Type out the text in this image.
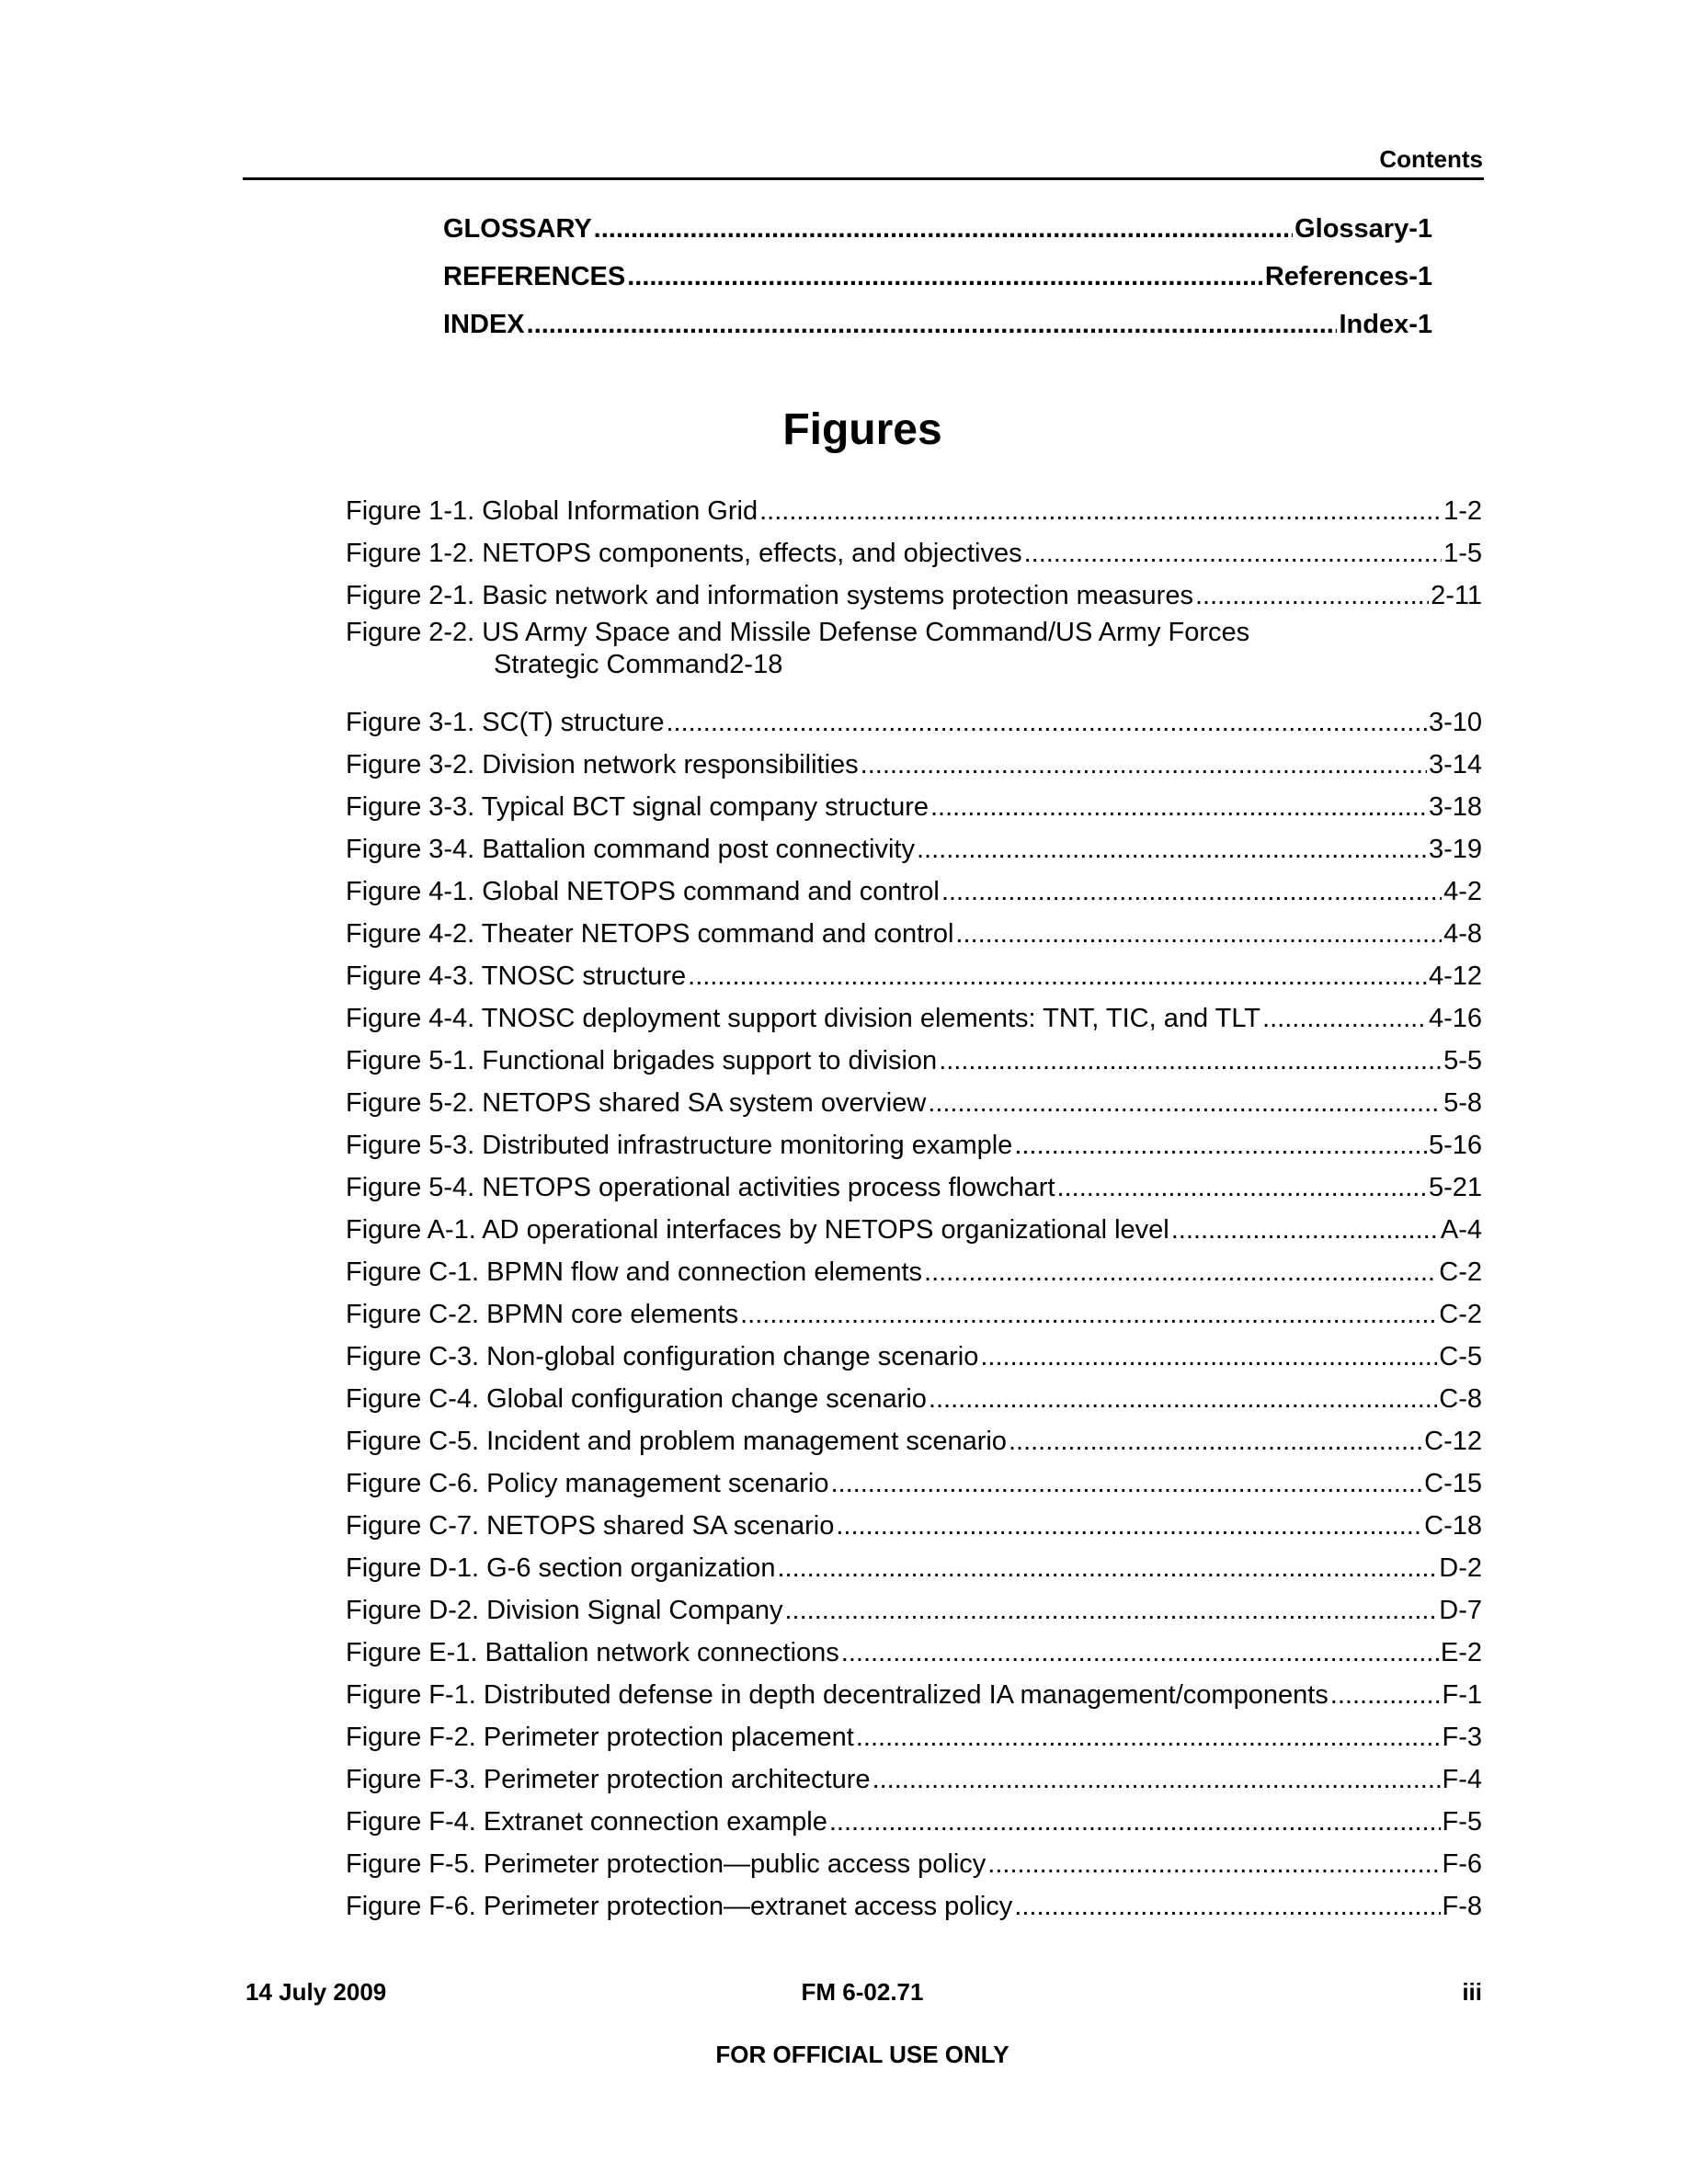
Contents
GLOSSARY .....	Glossary-1
REFERENCES .....	References-1
INDEX .....	Index-1
Figures
Figure 1-1. Global Information Grid .....	1-2
Figure 1-2. NETOPS components, effects, and objectives .....	1-5
Figure 2-1. Basic network and information systems protection measures .....	2-11
Figure 2-2. US Army Space and Missile Defense Command/US Army Forces
Strategic Command 2-18
Figure 3-1. SC(T) structure .....	3-10
Figure 3-2. Division network responsibilities .....	3-14
Figure 3-3. Typical BCT signal company structure .....	3-18
Figure 3-4. Battalion command post connectivity .....	3-19
Figure 4-1. Global NETOPS command and control .....	4-2
Figure 4-2. Theater NETOPS command and control .....	4-8
Figure 4-3. TNOSC structure .....	4-12
Figure 4-4. TNOSC deployment support division elements: TNT, TIC, and TLT .....	4-16
Figure 5-1. Functional brigades support to division .....	5-5
Figure 5-2. NETOPS shared SA system overview .....	5-8
Figure 5-3. Distributed infrastructure monitoring example .....	5-16
Figure 5-4. NETOPS operational activities process flowchart .....	5-21
Figure A-1. AD operational interfaces by NETOPS organizational level .....	A-4
Figure C-1. BPMN flow and connection elements .....	C-2
Figure C-2. BPMN core elements .....	C-2
Figure C-3. Non-global configuration change scenario .....	C-5
Figure C-4. Global configuration change scenario .....	C-8
Figure C-5. Incident and problem management scenario .....	C-12
Figure C-6. Policy management scenario .....	C-15
Figure C-7. NETOPS shared SA scenario .....	C-18
Figure D-1. G-6 section organization .....	D-2
Figure D-2. Division Signal Company .....	D-7
Figure E-1. Battalion network connections .....	E-2
Figure F-1. Distributed defense in depth decentralized IA management/components .....	F-1
Figure F-2. Perimeter protection placement .....	F-3
Figure F-3. Perimeter protection architecture .....	F-4
Figure F-4. Extranet connection example .....	F-5
Figure F-5. Perimeter protection—public access policy .....	F-6
Figure F-6. Perimeter protection—extranet access policy .....	F-8
14 July 2009	FM 6-02.71	iii
FOR OFFICIAL USE ONLY
